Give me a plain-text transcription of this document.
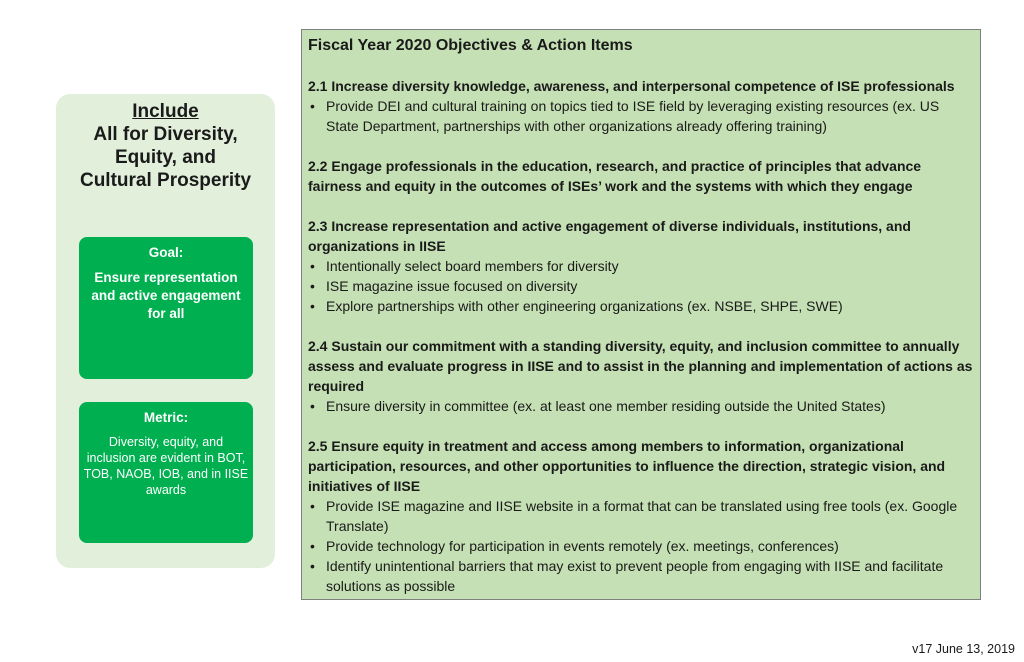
Include
All for Diversity,
Equity, and
Cultural Prosperity
Goal:
Ensure representation and active engagement for all
Metric:
Diversity, equity, and inclusion are evident in BOT, TOB, NAOB, IOB, and in IISE awards
Fiscal Year 2020 Objectives & Action Items

2.1 Increase diversity knowledge, awareness, and interpersonal competence of ISE professionals

• Provide DEI and cultural training on topics tied to ISE field by leveraging existing resources (ex. US State Department, partnerships with other organizations already offering training)

2.2 Engage professionals in the education, research, and practice of principles that advance fairness and equity in the outcomes of ISEs’ work and the systems with which they engage

2.3 Increase representation and active engagement of diverse individuals, institutions, and organizations in IISE

• Intentionally select board members for diversity
• ISE magazine issue focused on diversity
• Explore partnerships with other engineering organizations (ex. NSBE, SHPE, SWE)

2.4 Sustain our commitment with a standing diversity, equity, and inclusion committee to annually assess and evaluate progress in IISE and to assist in the planning and implementation of actions as required

• Ensure diversity in committee (ex. at least one member residing outside the United States)

2.5 Ensure equity in treatment and access among members to information, organizational participation, resources, and other opportunities to influence the direction, strategic vision, and initiatives of IISE

• Provide ISE magazine and IISE website in a format that can be translated using free tools (ex. Google Translate)
• Provide technology for participation in events remotely (ex. meetings, conferences)
• Identify unintentional barriers that may exist to prevent people from engaging with IISE and facilitate solutions as possible
v17 June 13, 2019
